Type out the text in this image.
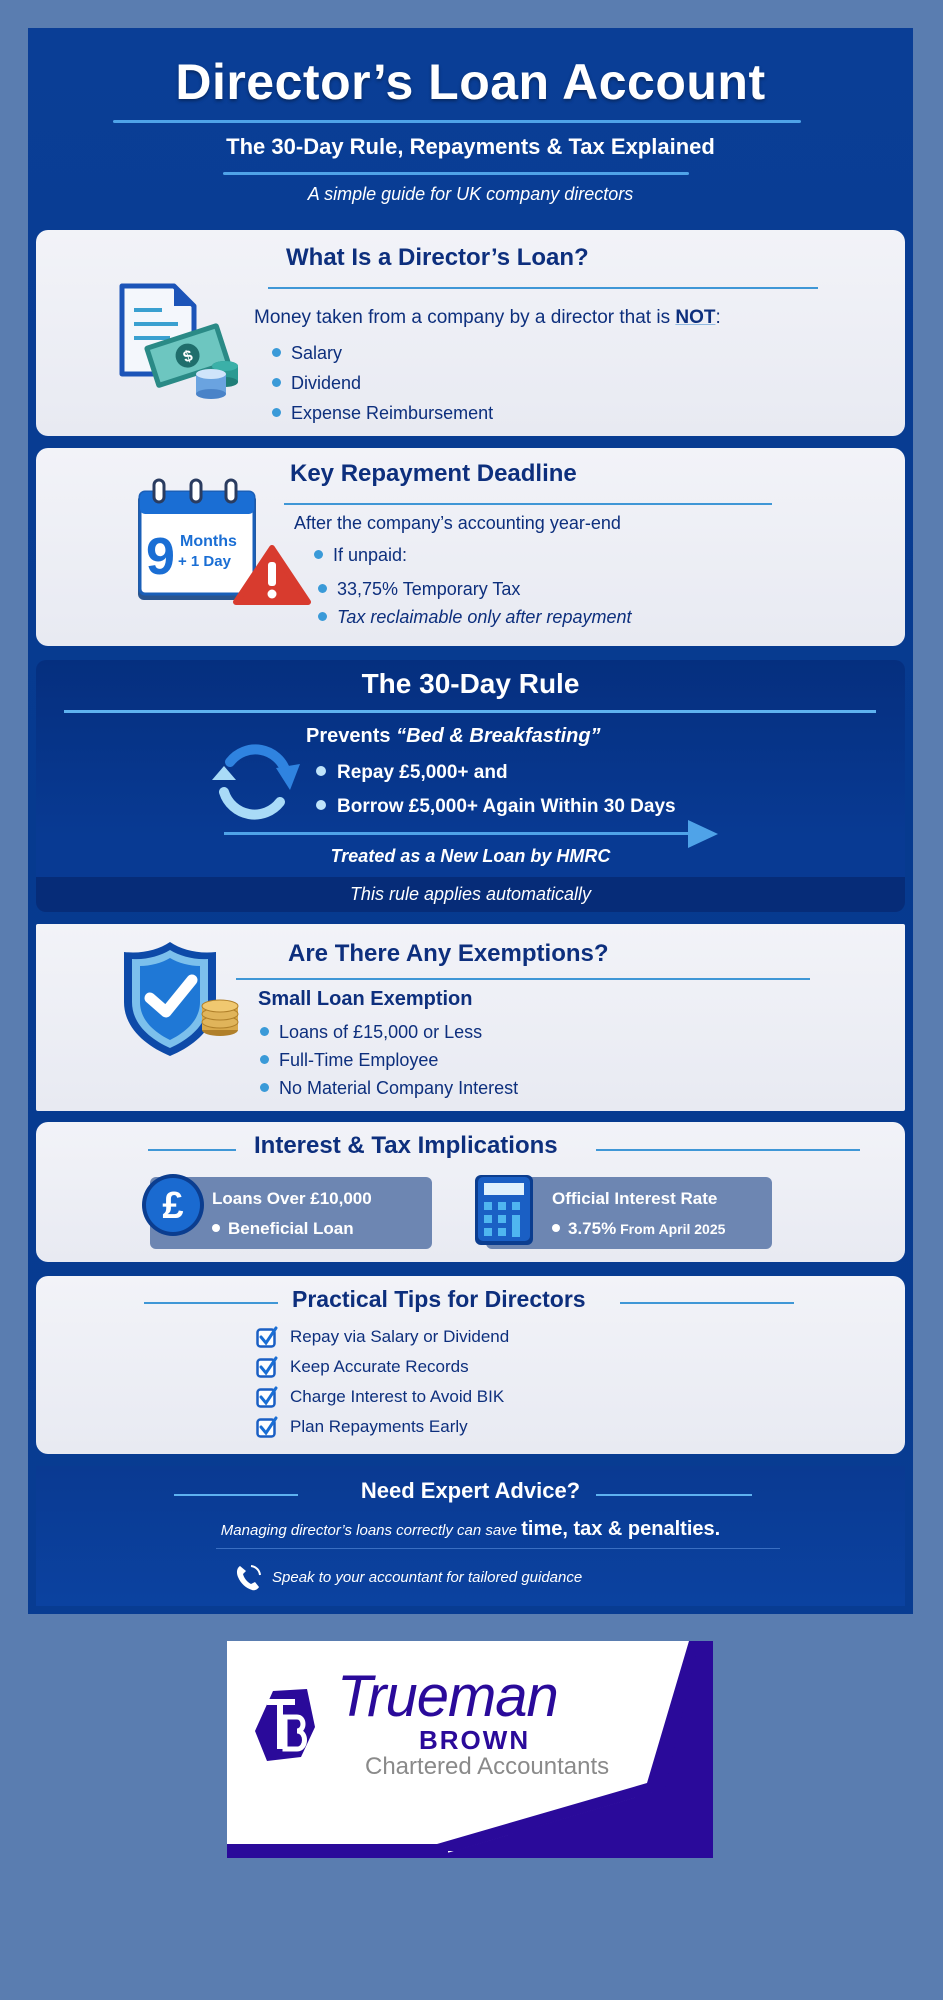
Director’s Loan Account
The 30-Day Rule, Repayments & Tax Explained
A simple guide for UK company directors
$
What Is a Director’s Loan?
Money taken from a company by a director that is NOT:
Salary
Dividend
Expense Reimbursement
9 Months
+ 1 Day
Key Repayment Deadline
After the company’s accounting year-end
If unpaid:
33,75% Temporary Tax
Tax reclaimable only after repayment
The 30-Day Rule
Prevents “Bed & Breakfasting”
Repay £5,000+ and
Borrow £5,000+ Again Within 30 Days
Treated as a New Loan by HMRC
This rule applies automatically
Are There Any Exemptions?
Small Loan Exemption
Loans of £15,000 or Less
Full-Time Employee
No Material Company Interest
Interest & Tax Implications
Loans Over £10,000
Beneficial Loan
£	Official Interest Rate
3.75% From April 2025
Practical Tips for Directors
Repay via Salary or Dividend
Keep Accurate Records
Charge Interest to Avoid BIK
Plan Repayments Early
Need Expert Advice?
Managing director’s loans correctly can save time, tax & penalties.
Speak to your accountant for tailored guidance
Trueman
BROWN
Chartered Accountants
